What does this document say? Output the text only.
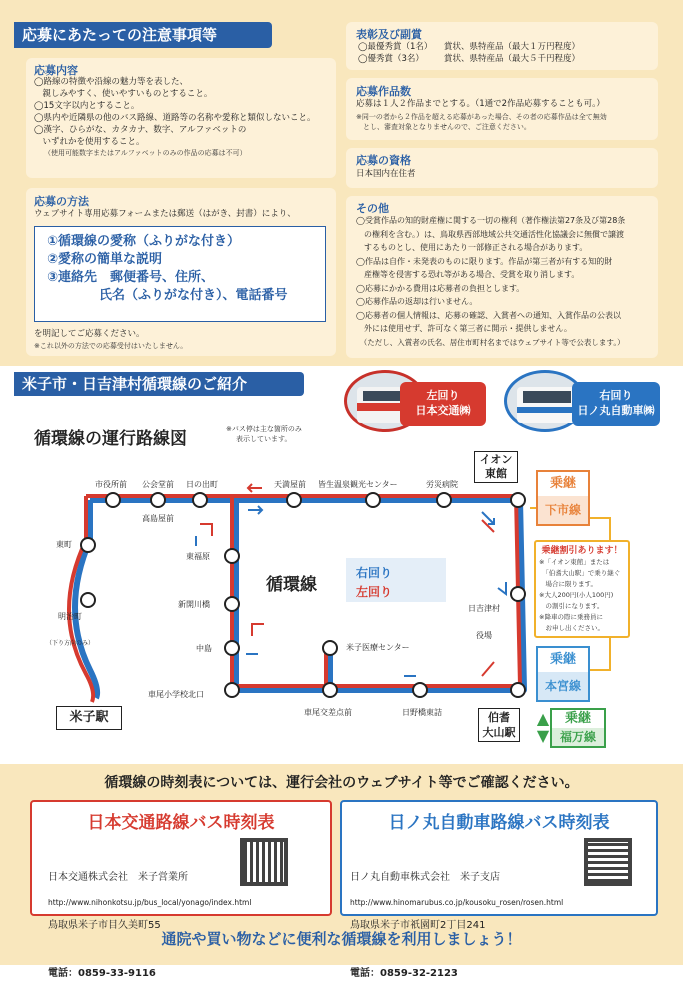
応募にあたっての注意事項等
応募内容
◯路線の特徴や沿線の魅力等を表した、
　親しみやすく、使いやすいものとすること。
◯15文字以内とすること。
◯県内や近隣県の他のバス路線、道路等の名称や愛称と類似しないこと。
◯漢字、ひらがな、カタカナ、数字、アルファベットの
　いずれかを使用すること。
（使用可能数字またはアルファベットのみの作品の応募は不可）
応募の方法
ウェブサイト専用応募フォームまたは郵送（はがき、封書）により、
①循環線の愛称（ふりがな付き）
②愛称の簡単な説明
③連絡先　郵便番号、住所、
　　　　氏名（ふりがな付き）、電話番号
を明記してご応募ください。
※これ以外の方法での応募受付はいたしません。
表彰及び副賞
◯最優秀賞（1名）	賞状、県特産品（最大１万円程度）
◯優秀賞（3名）	賞状、県特産品（最大５千円程度）
応募作品数
応募は１人２作品までとする。（1通で2作品応募することも可。）
※同一の者から２作品を超える応募があった場合、その者の応募作品は全て無効
　とし、審査対象となりませんので、ご注意ください。
応募の資格
日本国内在住者
その他
◯受賞作品の知的財産権に関する一切の権利（著作権法第27条及び第28条
　の権利を含む。）は、鳥取県西部地域公共交通活性化協議会に無償で譲渡
　するものとし、使用にあたり一部修正される場合があります。
◯作品は自作・未発表のものに限ります。作品が第三者が有する知的財
　産権等を侵害する恐れ等がある場合、受賞を取り消します。
◯応募にかかる費用は応募者の負担とします。
◯応募作品の返却は行いません。
◯応募者の個人情報は、応募の確認、入賞者への通知、入賞作品の公表以
　外には使用せず、許可なく第三者に開示・提供しません。
　（ただし、入賞者の氏名、居住市町村名まではウェブサイト等で公表します。）
米子市・日吉津村循環線のご紹介
左回り
日本交通㈱
右回り
日ノ丸自動車㈱
循環線の運行路線図	※バス停は主な箇所のみ
表示しています。
市役所前 公会堂前 日の出町	天満屋前 皆生温泉観光センター	労災病院
イオン
東館
高島屋前
東町

明治町

（下り方向のみ）

東福原
新開川橋
中島
車尾小学校北口
車尾交差点前	日野橋東詰
米子医療センター

日吉津村

役場

伯耆
大山駅
米子駅
循環線
右回り
左回り
乗継
下市線
乗継
本宮線
乗継
福万線
▲
▼
乗継割引あります！
※「イオン東館」または
　「伯耆大山駅」で乗り継ぐ
　場合に限ります。
※大人200円(小人100円)
　の割引になります。
※降車の際に乗務員に
　お申し出ください。
循環線の時刻表については、運行会社のウェブサイト等でご確認ください。
日本交通路線バス時刻表

日本交通株式会社　米子営業所

鳥取県米子市目久美町55

電話：0859-33-9116

http://www.nihonkotsu.jp/bus_local/yonago/index.html
日ノ丸自動車路線バス時刻表

日ノ丸自動車株式会社　米子支店

鳥取県米子市祇園町2丁目241

電話：0859-32-2123

http://www.hinomarubus.co.jp/kousoku_rosen/rosen.html
通院や買い物などに便利な循環線を利用しましょう！
